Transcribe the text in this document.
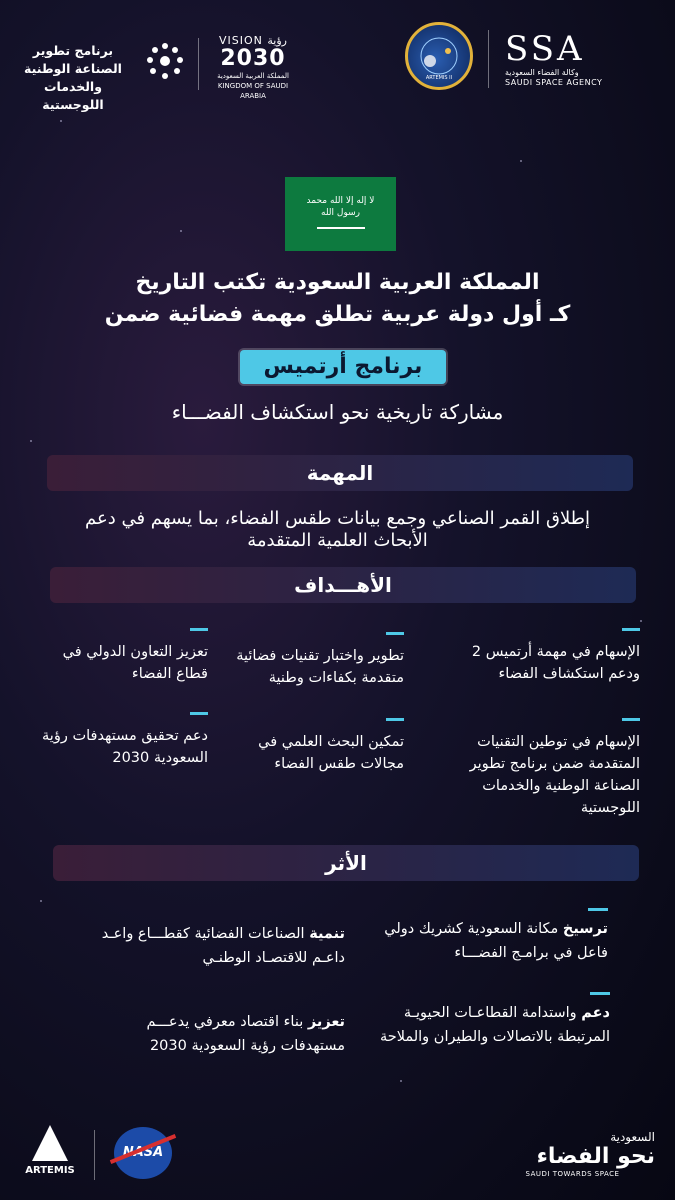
برنامج تطوير الصناعة الوطنية والخدمات اللوجستية
VISION رؤية
2030
المملكة العربية السعودية
KINGDOM OF SAUDI ARABIA
ARTEMIS II
SSA
وكالة الفضاء السعودية
SAUDI SPACE AGENCY
لا إله إلا الله محمد رسول الله
المملكة العربية السعودية تكتب التاريخ
كـ أول دولة عربية تطلق مهمة فضائية ضمن
برنامج أرتميس
مشاركة تاريخية نحو استكشاف الفضـــاء
المهمة
إطلاق القمر الصناعي وجمع بيانات طقس الفضاء، بما يسهم في دعم الأبحاث العلمية المتقدمة
الأهـــداف
الإسهام في مهمة أرتميس 2 ودعم استكشاف الفضاء
تطوير واختبار تقنيات فضائية متقدمة بكفاءات وطنية
تعزيز التعاون الدولي في قطاع الفضاء
الإسهام في توطين التقنيات المتقدمة ضمن برنامج تطوير الصناعة الوطنية والخدمات اللوجستية
تمكين البحث العلمي في مجالات طقس الفضاء
دعم تحقيق مستهدفات رؤية السعودية 2030
الأثر
ترسيخ مكانة السعودية كشريك دولي فاعل في برامـج الفضـــاء
تنمية الصناعات الفضائية كقطـــاع واعـد داعـم للاقتصـاد الوطنـي
دعم واستدامة القطاعـات الحيويـة المرتبطة بالاتصالات والطيران والملاحة
تعزيز بناء اقتصاد معرفي يدعـــم مستهدفات رؤية السعودية 2030
ARTEMIS
NASA
السعودية
نحو الفضاء
SAUDI TOWARDS SPACE
